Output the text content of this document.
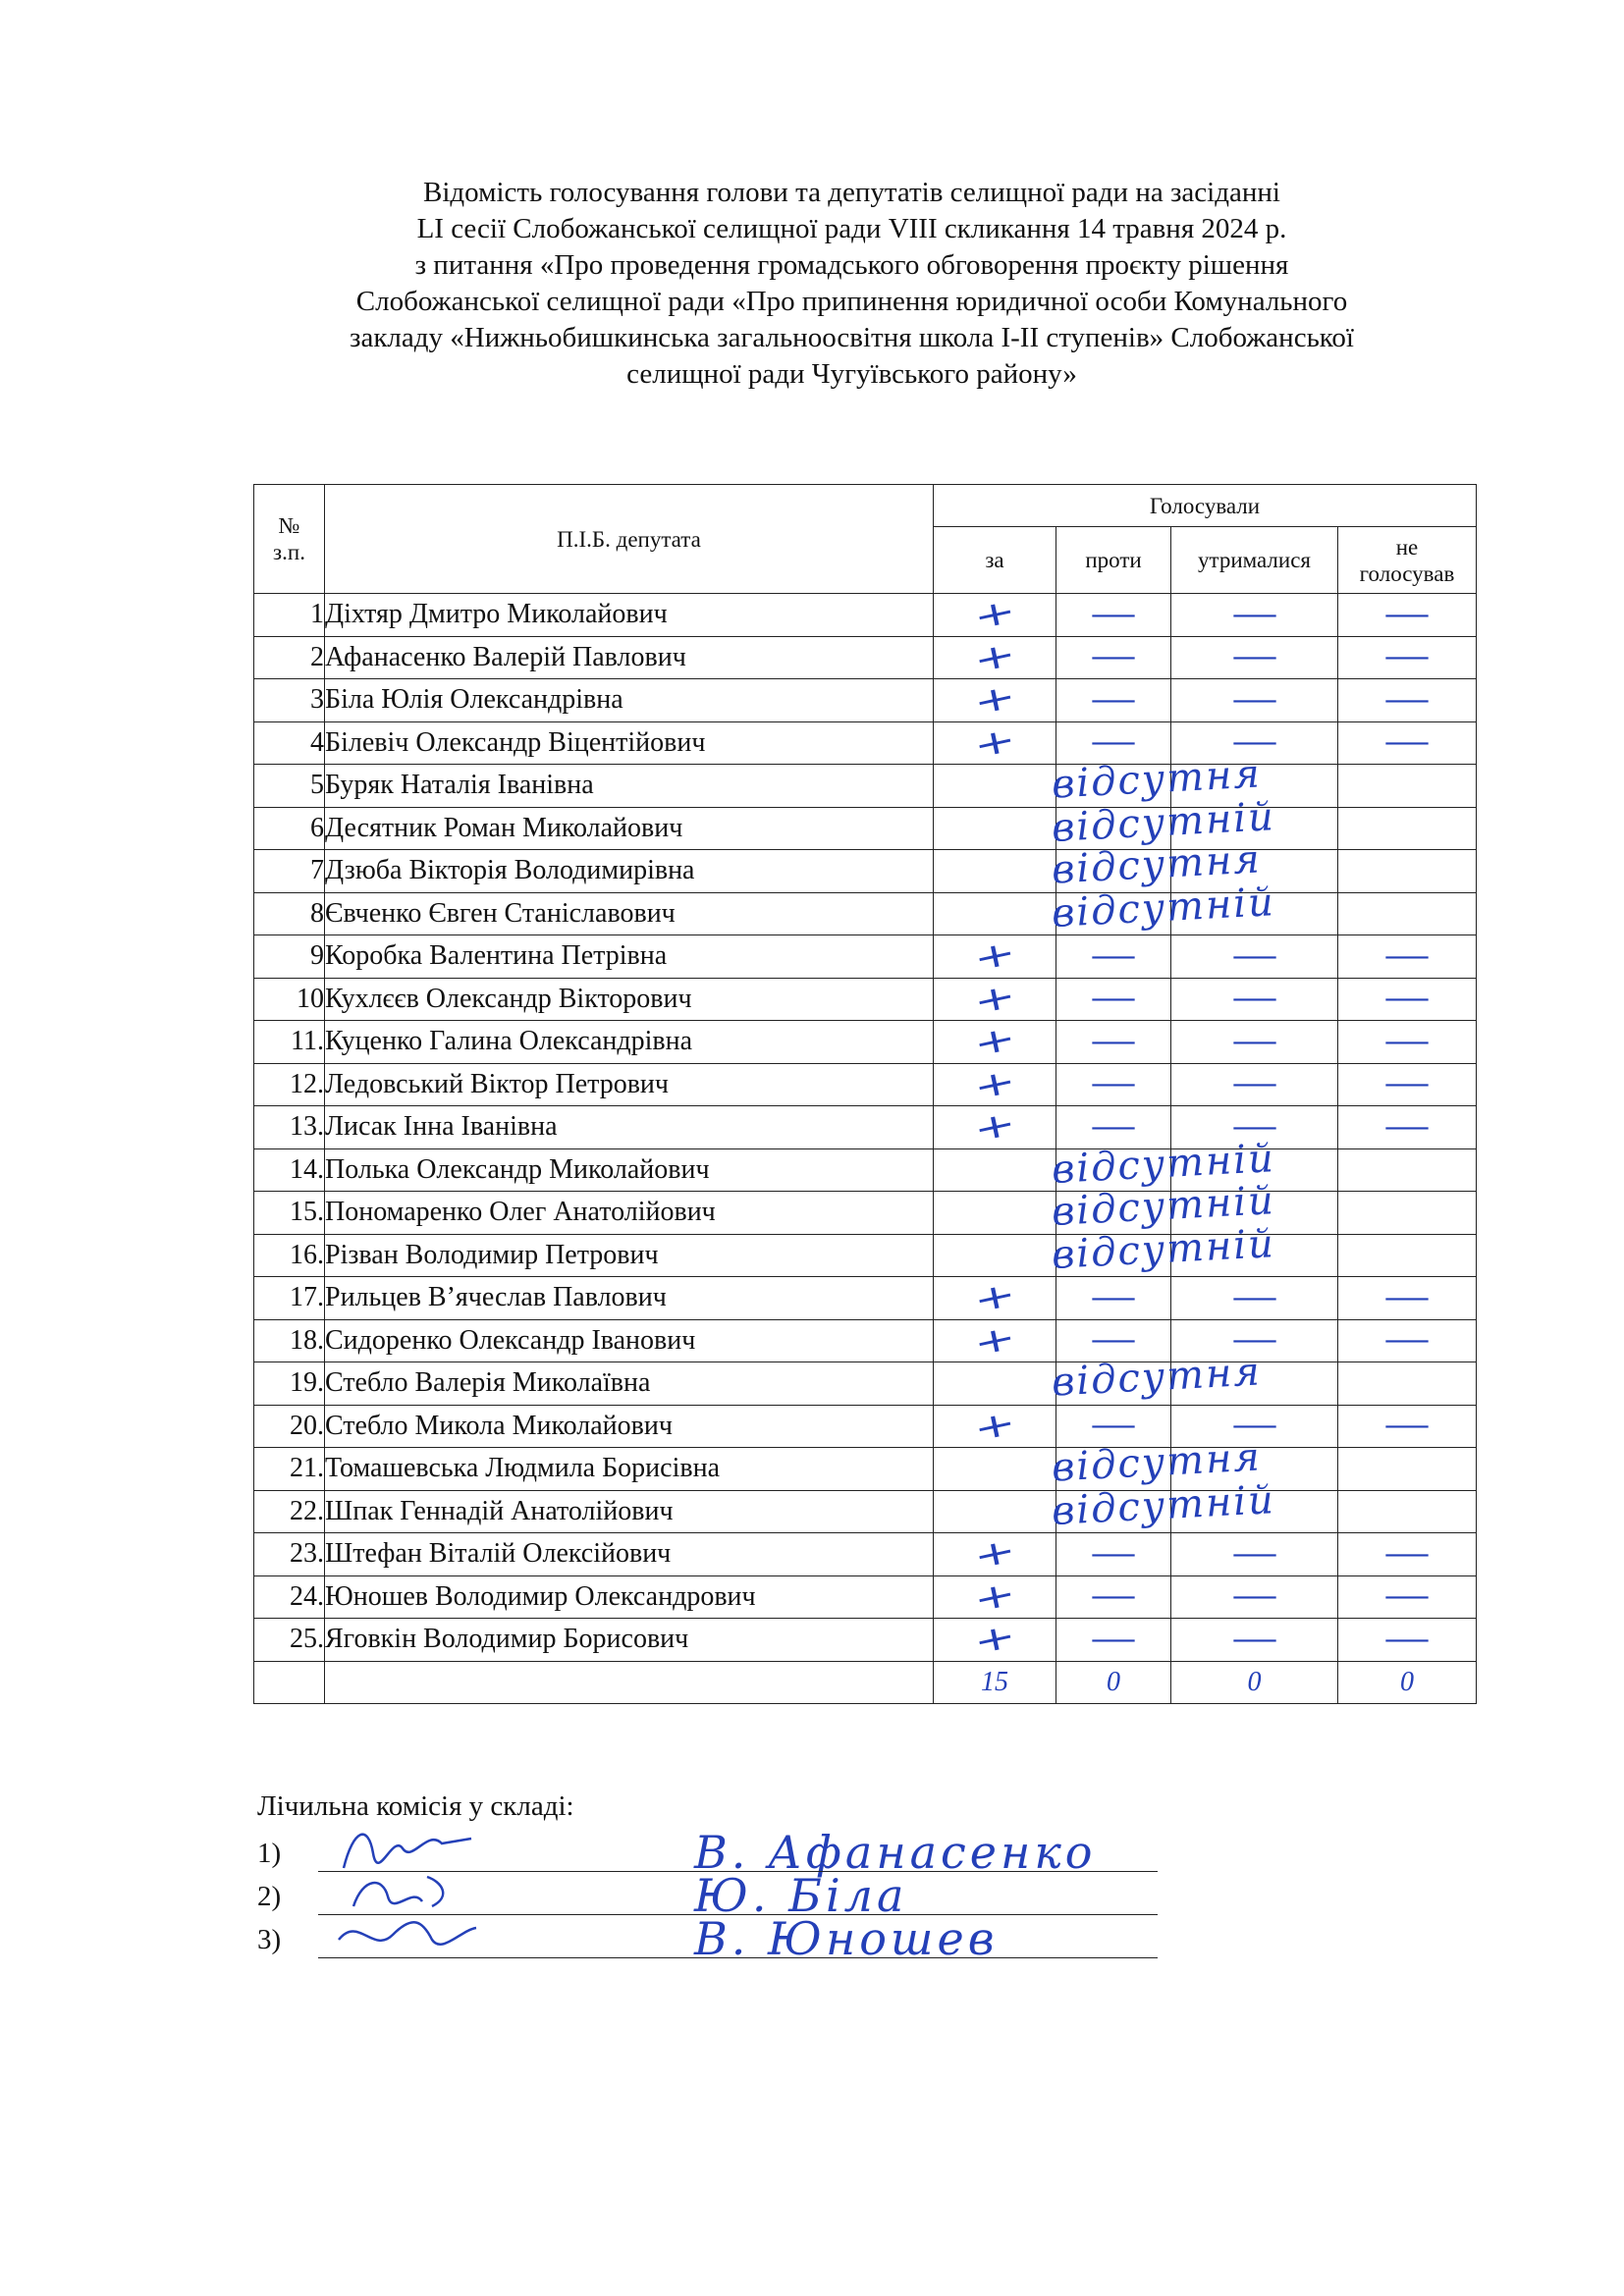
Відомість голосування голови та депутатів селищної ради на засіданні
LI сесії Слобожанської селищної ради VIII скликання 14 травня 2024 р.
з питання «Про проведення громадського обговорення проєкту рішення
Слобожанської селищної ради «Про припинення юридичної особи Комунального
закладу «Нижньобишкинська загальноосвітня школа І-ІІ ступенів» Слобожанської
селищної ради Чугуївського району»
№
з.п.	П.І.Б. депутата	Голосували			
		за	проти	утрималися	не
голосував

1	Діхтяр Дмитро Миколайович	+	—	—	—
2	Афанасенко Валерій Павлович	+	—	—	—
3	Біла Юлія Олександрівна	+	—	—	—
4	Білевіч Олександр Віцентійович	+	—	—	—
5	Буряк Наталія Іванівна	відсутня			

6	Десятник Роман Миколайович	відсутній			

7	Дзюба Вікторія Володимирівна	відсутня			

8	Євченко Євген Станіславович	відсутній			

9	Коробка Валентина Петрівна	+	—	—	—
10	Кухлєєв Олександр Вікторович	+	—	—	—
11.	Куценко Галина Олександрівна	+	—	—	—
12.	Ледовський Віктор Петрович	+	—	—	—
13.	Лисак Інна Іванівна	+	—	—	—
14.	Полька Олександр Миколайович	відсутній			

15.	Пономаренко Олег Анатолійович	відсутній			

16.	Різван Володимир Петрович	відсутній			

17.	Рильцев В’ячеслав Павлович	+	—	—	—
18.	Сидоренко Олександр Іванович	+	—	—	—
19.	Стебло Валерія Миколаївна	відсутня			

20.	Стебло Микола Миколайович	+	—	—	—
21.	Томашевська Людмила Борисівна	відсутня			

22.	Шпак Геннадій Анатолійович	відсутній			

23.	Штефан Віталій Олексійович	+	—	—	—
24.	Юношев Володимир Олександрович	+	—	—	—
25.	Яговкін Володимир Борисович	+	—	—	—
		15	0	0	0
Лічильна комісія у складі:
1)	В. Афанасенко
2)	Ю. Біла
3)	В. Юношев
